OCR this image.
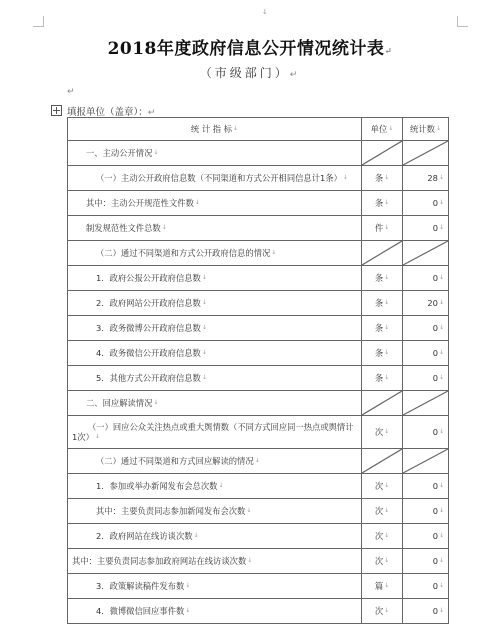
↓
2018年度政府信息公开情况统计表↵
（市级部门）↵
↵
填报单位（盖章）：↵
统 计 指 标↓	单位↓	统计数↓
一、主动公开情况↓	

（一）主动公开政府信息数（不同渠道和方式公开相同信息计1条）↓	条↓	28↓
其中：主动公开规范性文件数↓	条↓	0↓
制发规范性文件总数↓	件↓	0↓
（二）通过不同渠道和方式公开政府信息的情况↓	

1．政府公报公开政府信息数↓	条↓	0↓
2．政府网站公开政府信息数↓	条↓	20↓
3．政务微博公开政府信息数↓	条↓	0↓
4．政务微信公开政府信息数↓	条↓	0↓
5．其他方式公开政府信息数↓	条↓	0↓
二、回应解读情况↓	

（一）回应公众关注热点或重大舆情数（不同方式回应同一热点或舆情计1次）↓	次↓	0↓
（二）通过不同渠道和方式回应解读的情况↓	

1．参加或举办新闻发布会总次数↓	次↓	0↓
其中：主要负责同志参加新闻发布会次数↓	次↓	0↓
2．政府网站在线访谈次数↓	次↓	0↓
其中：主要负责同志参加政府网站在线访谈次数↓	次↓	0↓
3．政策解读稿件发布数↓	篇↓	0↓
4．微博微信回应事件数↓	次↓	0↓
